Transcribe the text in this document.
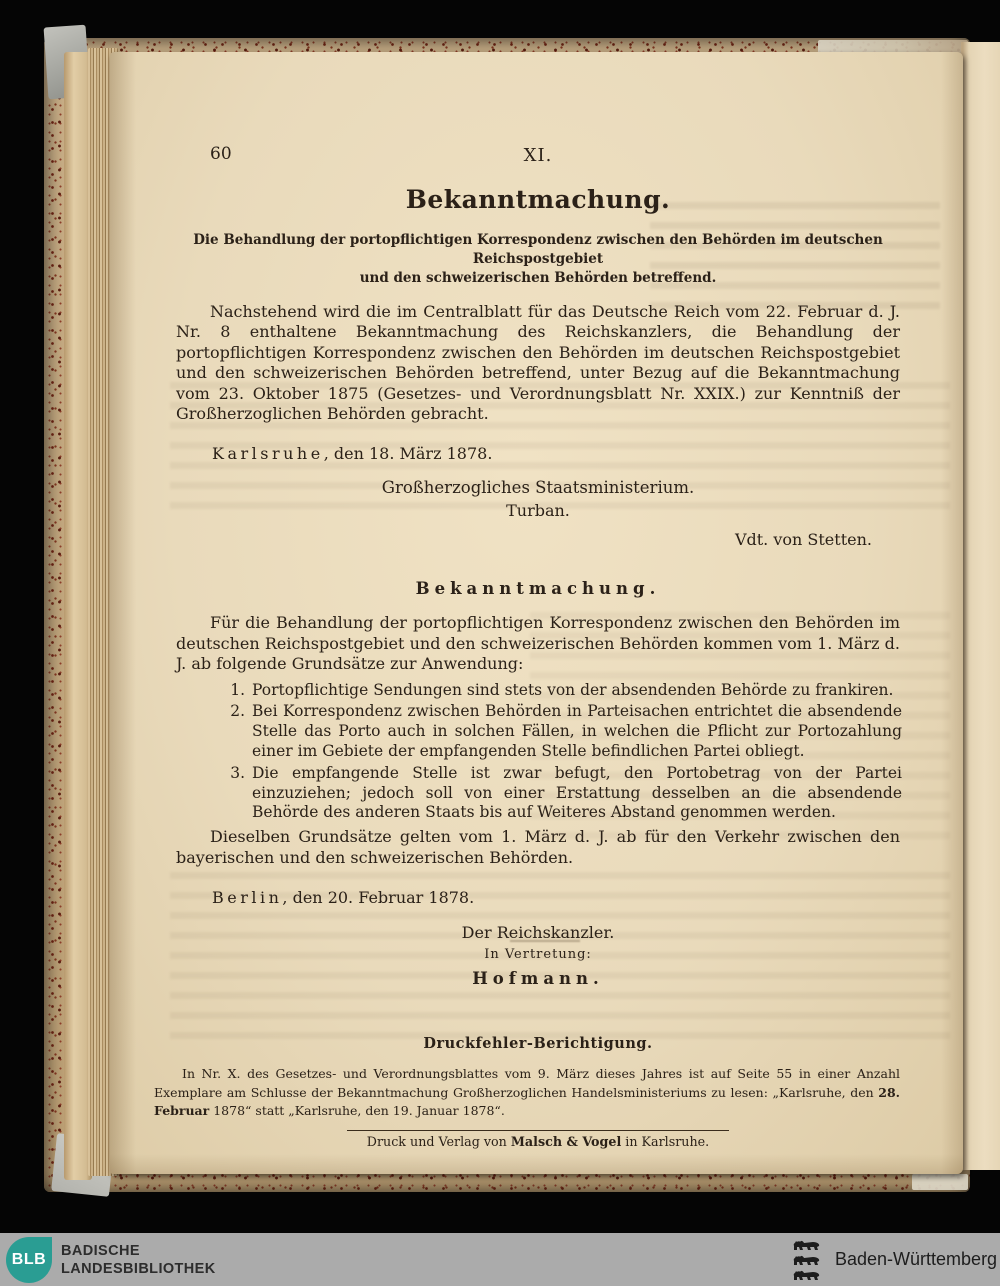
60	XI.
Bekanntmachung.
Die Behandlung der portopflichtigen Korrespondenz zwischen den Behörden im deutschen Reichspostgebiet
und den schweizerischen Behörden betreffend.

Nachstehend wird die im Centralblatt für das Deutsche Reich vom 22. Februar d. J. Nr. 8 enthaltene Bekanntmachung des Reichskanzlers, die Behandlung der portopflichtigen Korrespondenz zwischen den Behörden im deutschen Reichspostgebiet und den schweizerischen Behörden betreffend, unter Bezug auf die Bekanntmachung vom 23. Oktober 1875 (Gesetzes- und Verordnungsblatt Nr. XXIX.) zur Kenntniß der Großherzoglichen Behörden gebracht.

Karlsruhe, den 18. März 1878.
Großherzogliches Staatsministerium.
Turban.
Vdt. von Stetten.
Bekanntmachung.

Für die Behandlung der portopflichtigen Korrespondenz zwischen den Behörden im deutschen Reichspostgebiet und den schweizerischen Behörden kommen vom 1. März d. J. ab folgende Grundsätze zur Anwendung:

1. Portopflichtige Sendungen sind stets von der absendenden Behörde zu frankiren.
2. Bei Korrespondenz zwischen Behörden in Parteisachen entrichtet die absendende Stelle das Porto auch in solchen Fällen, in welchen die Pflicht zur Portozahlung einer im Gebiete der empfangenden Stelle befindlichen Partei obliegt.
3. Die empfangende Stelle ist zwar befugt, den Portobetrag von der Partei einzuziehen; jedoch soll von einer Erstattung desselben an die absendende Behörde des anderen Staats bis auf Weiteres Abstand genommen werden.

Dieselben Grundsätze gelten vom 1. März d. J. ab für den Verkehr zwischen den bayerischen und den schweizerischen Behörden.

Berlin, den 20. Februar 1878.
Der Reichskanzler.
In Vertretung:
Hofmann.
Druckfehler-Berichtigung.

In Nr. X. des Gesetzes- und Verordnungsblattes vom 9. März dieses Jahres ist auf Seite 55 in einer Anzahl Exemplare am Schlusse der Bekanntmachung Großherzoglichen Handelsministeriums zu lesen: „Karlsruhe, den 28. Februar 1878“ statt „Karlsruhe, den 19. Januar 1878“.

Druck und Verlag von Malsch & Vogel in Karlsruhe.

BLB BADISCHE
LANDESBIBLIOTHEK
Baden-Württemberg
